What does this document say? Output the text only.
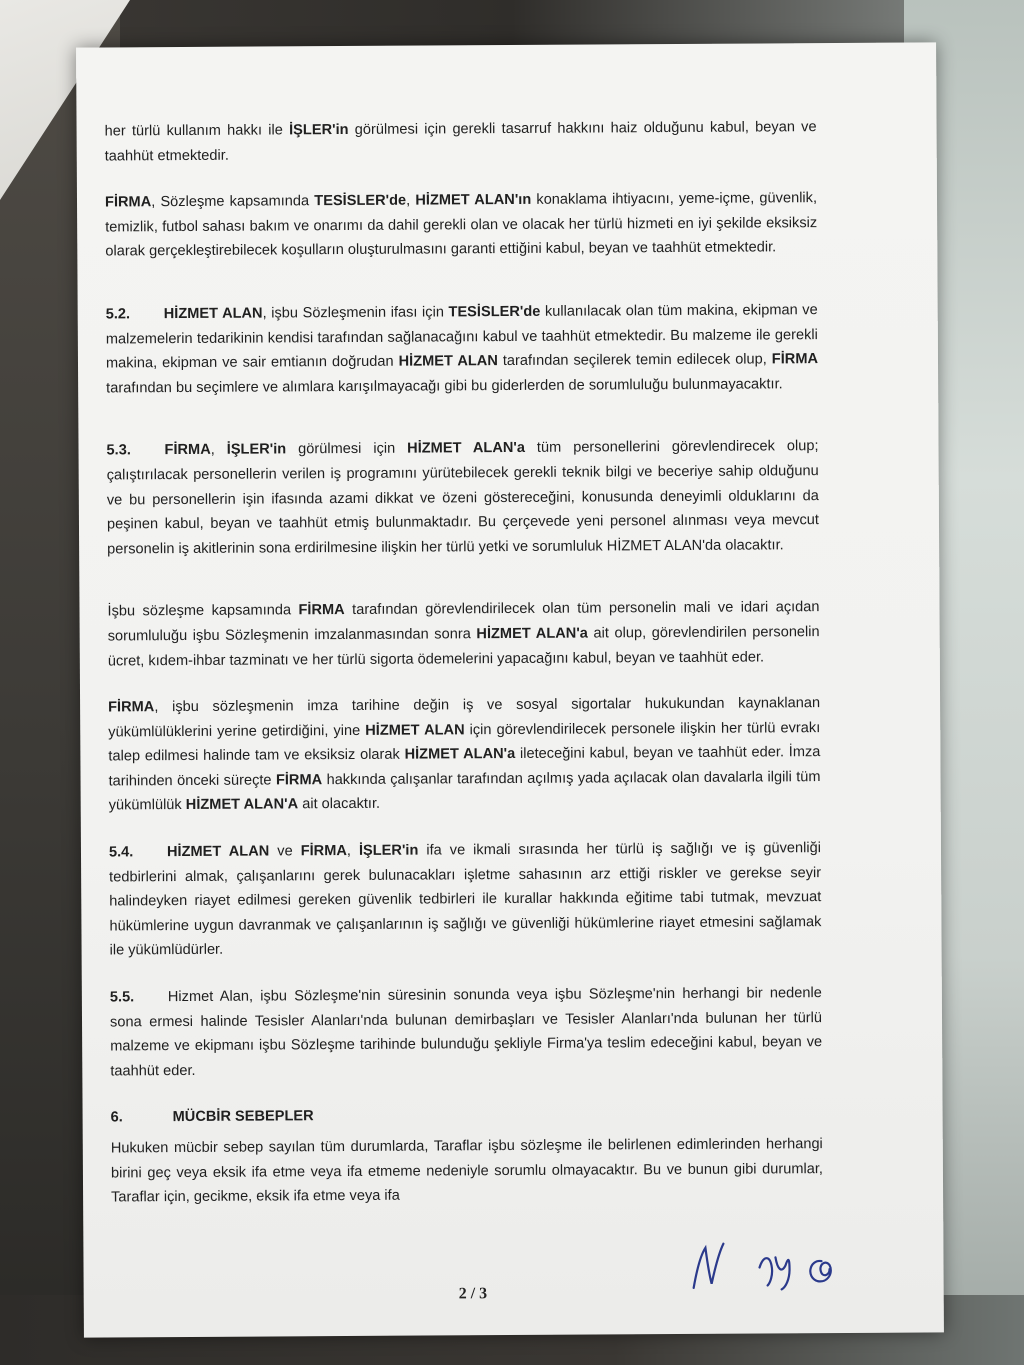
her türlü kullanım hakkı ile İŞLER'in görülmesi için gerekli tasarruf hakkını haiz olduğunu kabul, beyan ve taahhüt etmektedir.

FİRMA, Sözleşme kapsamında TESİSLER'de, HİZMET ALAN'ın konaklama ihtiyacını, yeme-içme, güvenlik, temizlik, futbol sahası bakım ve onarımı da dahil gerekli olan ve olacak her türlü hizmeti en iyi şekilde eksiksiz olarak gerçekleştirebilecek koşulların oluşturulmasını garanti ettiğini kabul, beyan ve taahhüt etmektedir.

5.2. HİZMET ALAN, işbu Sözleşmenin ifası için TESİSLER'de kullanılacak olan tüm makina, ekipman ve malzemelerin tedarikinin kendisi tarafından sağlanacağını kabul ve taahhüt etmektedir. Bu malzeme ile gerekli makina, ekipman ve sair emtianın doğrudan HİZMET ALAN tarafından seçilerek temin edilecek olup, FİRMA tarafından bu seçimlere ve alımlara karışılmayacağı gibi bu giderlerden de sorumluluğu bulunmayacaktır.

5.3. FİRMA, İŞLER'in görülmesi için HİZMET ALAN'a tüm personellerini görevlendirecek olup; çalıştırılacak personellerin verilen iş programını yürütebilecek gerekli teknik bilgi ve beceriye sahip olduğunu ve bu personellerin işin ifasında azami dikkat ve özeni göstereceğini, konusunda deneyimli olduklarını da peşinen kabul, beyan ve taahhüt etmiş bulunmaktadır. Bu çerçevede yeni personel alınması veya mevcut personelin iş akitlerinin sona erdirilmesine ilişkin her türlü yetki ve sorumluluk HİZMET ALAN'da olacaktır.

İşbu sözleşme kapsamında FİRMA tarafından görevlendirilecek olan tüm personelin mali ve idari açıdan sorumluluğu işbu Sözleşmenin imzalanmasından sonra HİZMET ALAN'a ait olup, görevlendirilen personelin ücret, kıdem-ihbar tazminatı ve her türlü sigorta ödemelerini yapacağını kabul, beyan ve taahhüt eder.

FİRMA, işbu sözleşmenin imza tarihine değin iş ve sosyal sigortalar hukukundan kaynaklanan yükümlülüklerini yerine getirdiğini, yine HİZMET ALAN için görevlendirilecek personele ilişkin her türlü evrakı talep edilmesi halinde tam ve eksiksiz olarak HİZMET ALAN'a ileteceğini kabul, beyan ve taahhüt eder. İmza tarihinden önceki süreçte FİRMA hakkında çalışanlar tarafından açılmış yada açılacak olan davalarla ilgili tüm yükümlülük HİZMET ALAN'A ait olacaktır.

5.4. HİZMET ALAN ve FİRMA, İŞLER'in ifa ve ikmali sırasında her türlü iş sağlığı ve iş güvenliği tedbirlerini almak, çalışanlarını gerek bulunacakları işletme sahasının arz ettiği riskler ve gerekse seyir halindeyken riayet edilmesi gereken güvenlik tedbirleri ile kurallar hakkında eğitime tabi tutmak, mevzuat hükümlerine uygun davranmak ve çalışanlarının iş sağlığı ve güvenliği hükümlerine riayet etmesini sağlamak ile yükümlüdürler.

5.5. Hizmet Alan, işbu Sözleşme'nin süresinin sonunda veya işbu Sözleşme'nin herhangi bir nedenle sona ermesi halinde Tesisler Alanları'nda bulunan demirbaşları ve Tesisler Alanları'nda bulunan her türlü malzeme ve ekipmanı işbu Sözleşme tarihinde bulunduğu şekliyle Firma'ya teslim edeceğini kabul, beyan ve taahhüt eder.

6.	MÜCBİR SEBEPLER

Hukuken mücbir sebep sayılan tüm durumlarda, Taraflar işbu sözleşme ile belirlenen edimlerinden herhangi birini geç veya eksik ifa etme veya ifa etmeme nedeniyle sorumlu olmayacaktır. Bu ve bunun gibi durumlar, Taraflar için, gecikme, eksik ifa etme veya ifa

2 / 3
